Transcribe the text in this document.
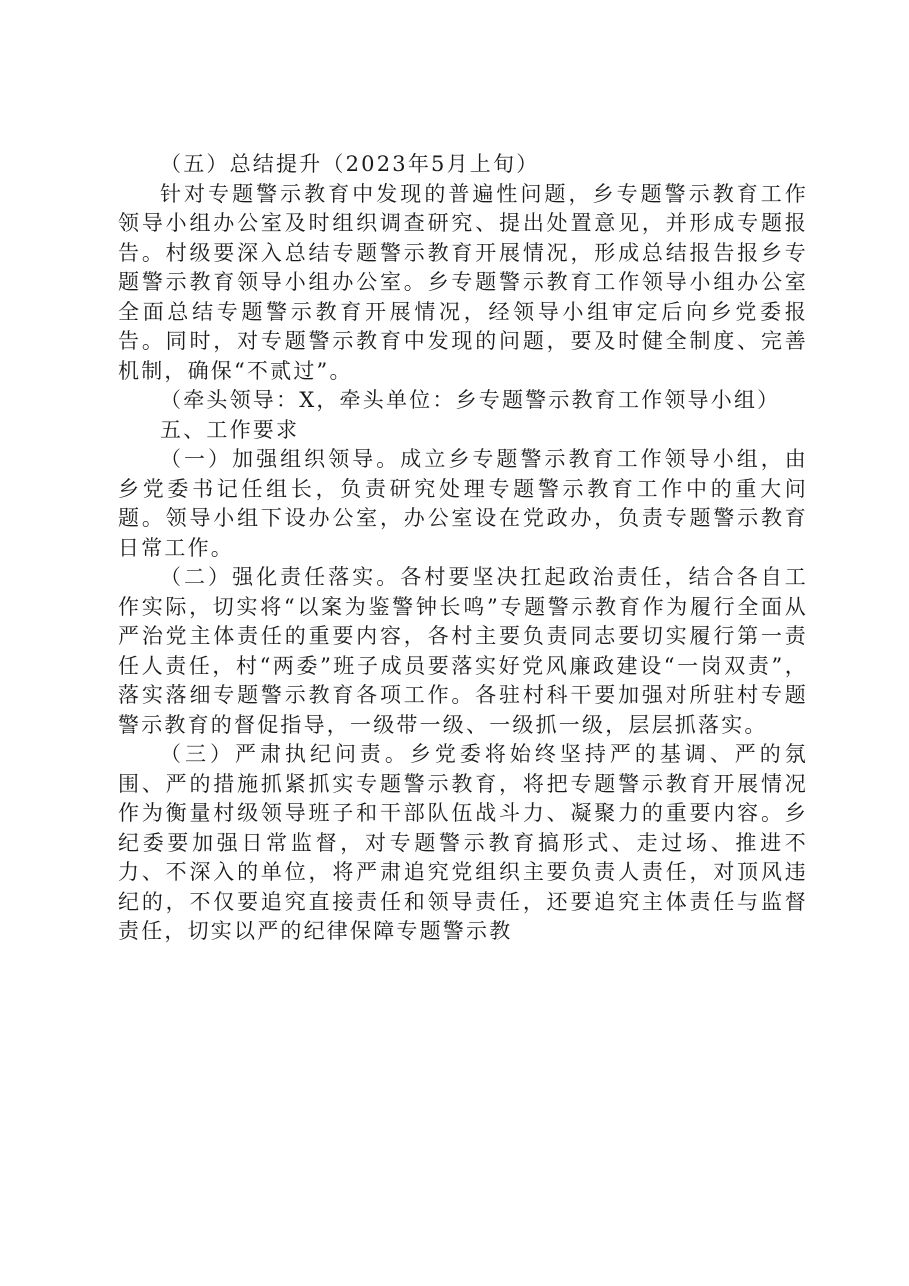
（五）总结提升（2023年5月上旬）

针对专题警示教育中发现的普遍性问题，乡专题警示教育工作领导小组办公室及时组织调查研究、提出处置意见，并形成专题报告。村级要深入总结专题警示教育开展情况，形成总结报告报乡专题警示教育领导小组办公室。乡专题警示教育工作领导小组办公室全面总结专题警示教育开展情况，经领导小组审定后向乡党委报告。同时，对专题警示教育中发现的问题，要及时健全制度、完善机制，确保“不贰过”。

（牵头领导：X，牵头单位：乡专题警示教育工作领导小组）

五、工作要求

（一）加强组织领导。成立乡专题警示教育工作领导小组，由乡党委书记任组长，负责研究处理专题警示教育工作中的重大问题。领导小组下设办公室，办公室设在党政办，负责专题警示教育日常工作。

（二）强化责任落实。各村要坚决扛起政治责任，结合各自工作实际，切实将“以案为鉴警钟长鸣”专题警示教育作为履行全面从严治党主体责任的重要内容，各村主要负责同志要切实履行第一责任人责任，村“两委”班子成员要落实好党风廉政建设“一岗双责”，落实落细专题警示教育各项工作。各驻村科干要加强对所驻村专题警示教育的督促指导，一级带一级、一级抓一级，层层抓落实。

（三）严肃执纪问责。乡党委将始终坚持严的基调、严的氛围、严的措施抓紧抓实专题警示教育，将把专题警示教育开展情况作为衡量村级领导班子和干部队伍战斗力、凝聚力的重要内容。乡纪委要加强日常监督，对专题警示教育搞形式、走过场、推进不力、不深入的单位，将严肃追究党组织主要负责人责任，对顶风违纪的，不仅要追究直接责任和领导责任，还要追究主体责任与监督责任，切实以严的纪律保障专题警示教
